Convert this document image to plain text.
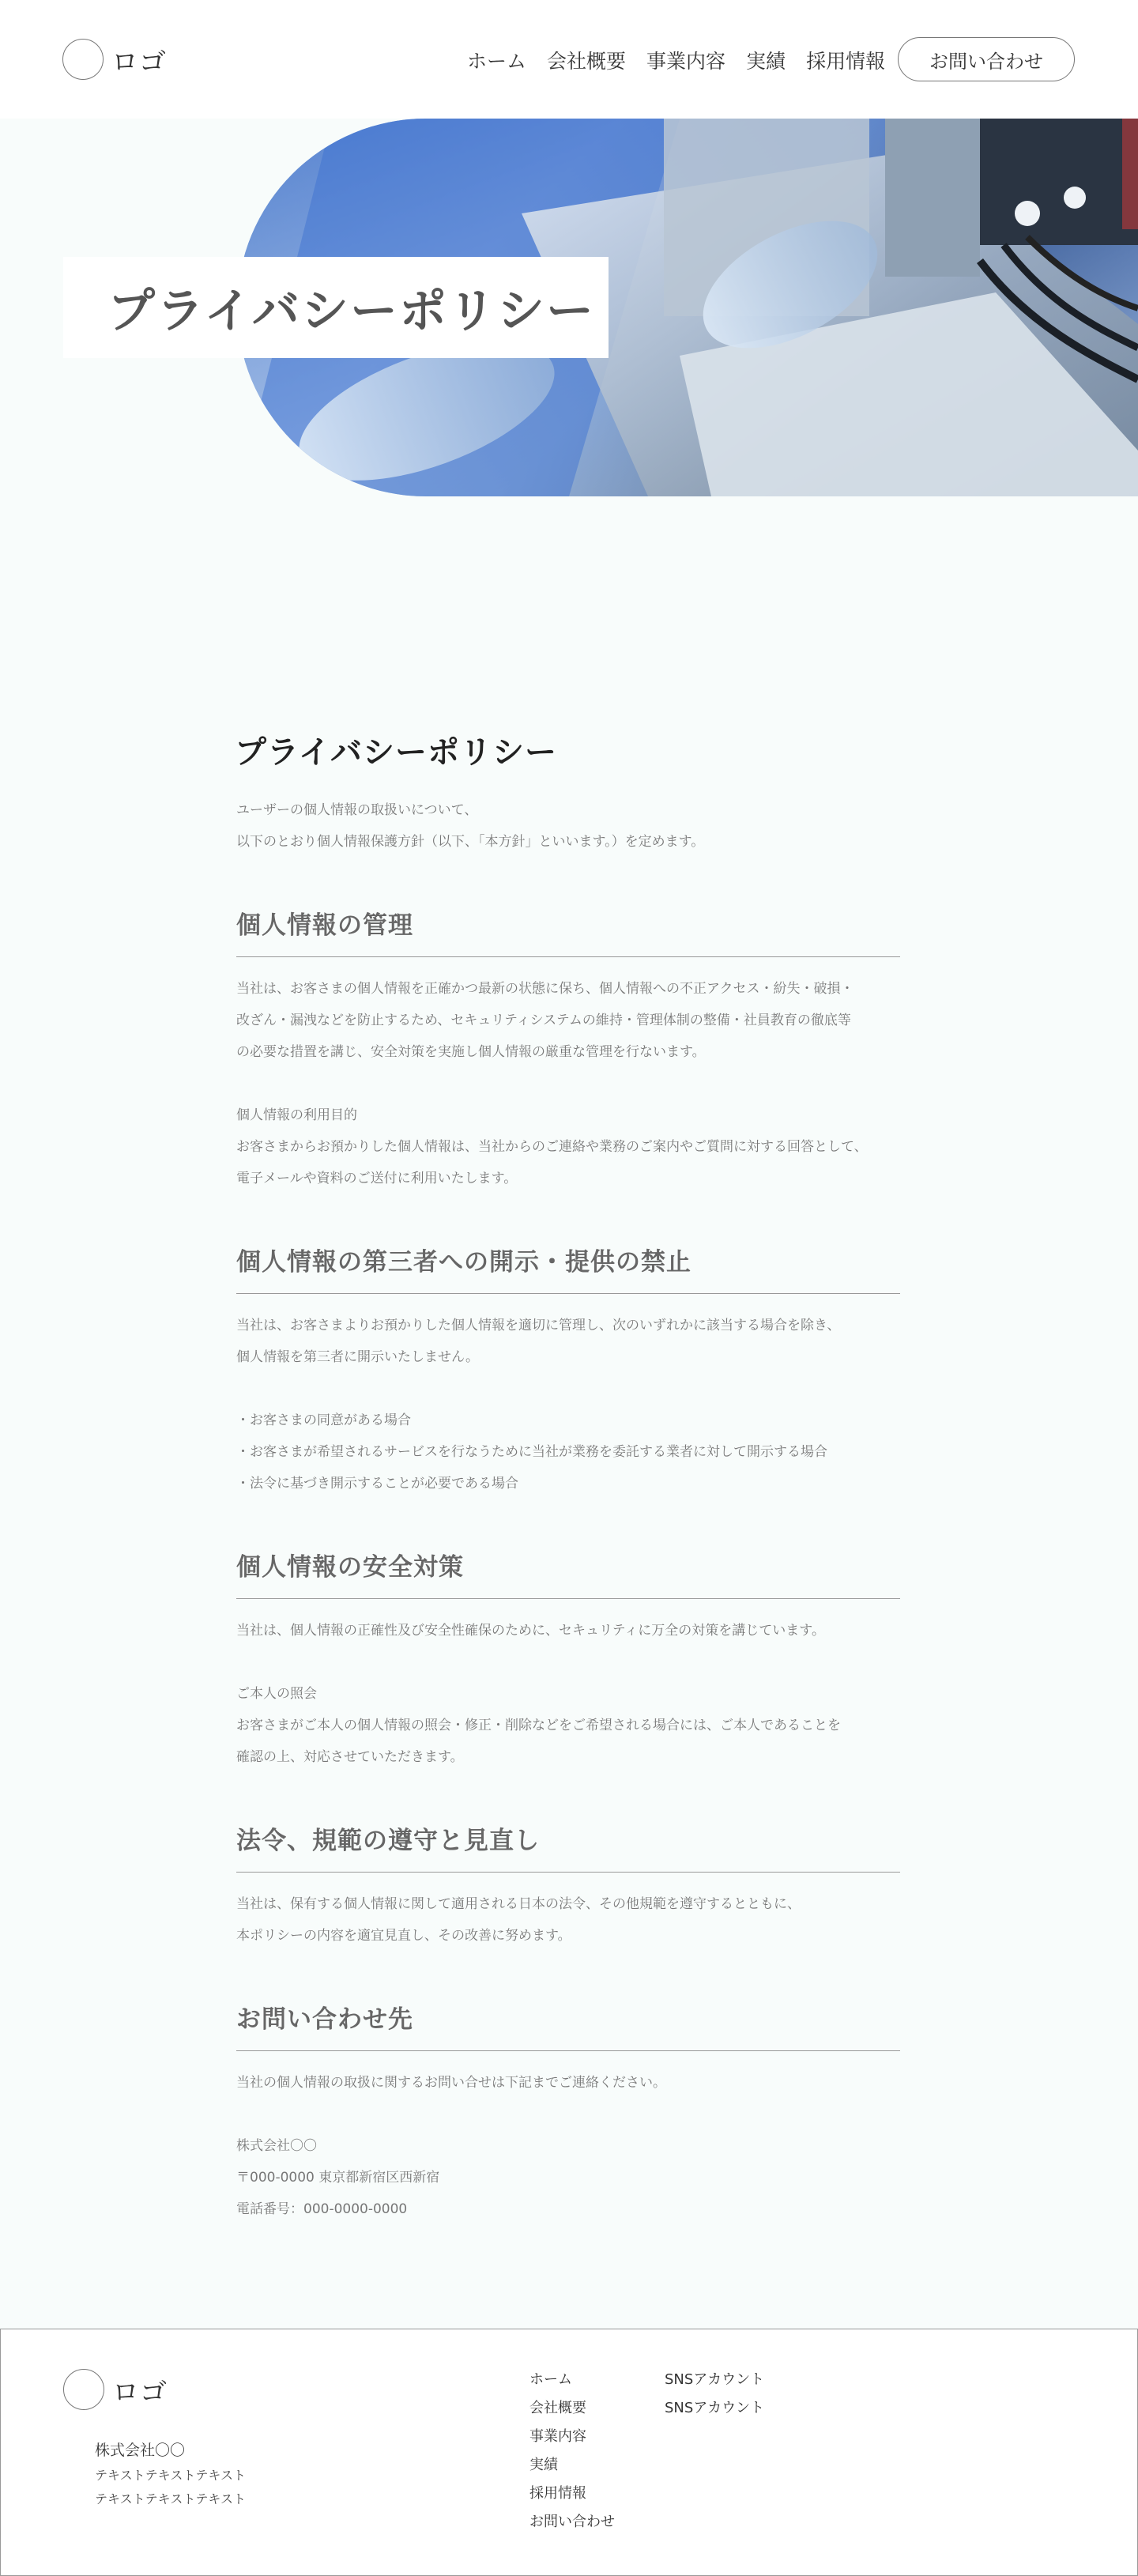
ロゴ	ホーム 会社概要 事業内容 実績 採用情報	お問い合わせ
プライバシーポリシー
プライバシーポリシー

ユーザーの個人情報の取扱いについて、

以下のとおり個人情報保護方針（以下、「本方針」といいます。）を定めます。

個人情報の管理

当社は、お客さまの個人情報を正確かつ最新の状態に保ち、個人情報への不正アクセス・紛失・破損・

改ざん・漏洩などを防止するため、セキュリティシステムの維持・管理体制の整備・社員教育の徹底等

の必要な措置を講じ、安全対策を実施し個人情報の厳重な管理を行ないます。

個人情報の利用目的

お客さまからお預かりした個人情報は、当社からのご連絡や業務のご案内やご質問に対する回答として、

電子メールや資料のご送付に利用いたします。

個人情報の第三者への開示・提供の禁止

当社は、お客さまよりお預かりした個人情報を適切に管理し、次のいずれかに該当する場合を除き、

個人情報を第三者に開示いたしません。

・お客さまの同意がある場合

・お客さまが希望されるサービスを行なうために当社が業務を委託する業者に対して開示する場合

・法令に基づき開示することが必要である場合

個人情報の安全対策

当社は、個人情報の正確性及び安全性確保のために、セキュリティに万全の対策を講じています。

ご本人の照会

お客さまがご本人の個人情報の照会・修正・削除などをご希望される場合には、ご本人であることを

確認の上、対応させていただきます。

法令、規範の遵守と見直し

当社は、保有する個人情報に関して適用される日本の法令、その他規範を遵守するとともに、

本ポリシーの内容を適宜見直し、その改善に努めます。

お問い合わせ先

当社の個人情報の取扱に関するお問い合せは下記までご連絡ください。

株式会社〇〇

〒000-0000 東京都新宿区西新宿

電話番号：000-0000-0000

ロゴ

株式会社〇〇

テキストテキストテキスト

テキストテキストテキスト

ホーム
会社概要
事業内容
実績
採用情報
お問い合わせ
SNSアカウント
SNSアカウント
